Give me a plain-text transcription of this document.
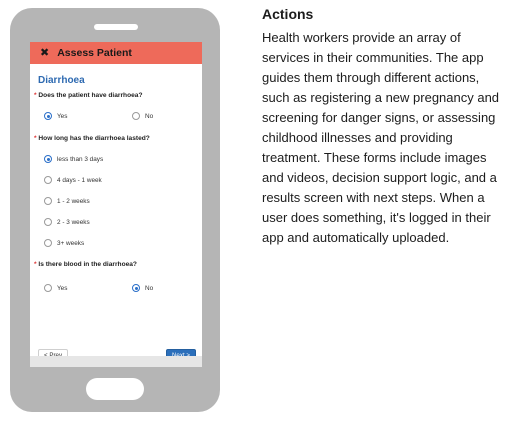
✖ Assess Patient
Diarrhoea
* Does the patient have diarrhoea?
Yes	No
* How long has the diarrhoea lasted?
less than 3 days
4 days - 1 week
1 - 2 weeks
2 - 3 weeks
3+ weeks
* Is there blood in the diarrhoea?
Yes	No
Actions
Health workers provide an array of services in their communities. The app guides them through different actions, such as registering a new pregnancy and screening for danger signs, or assessing childhood illnesses and providing treatment. These forms include images and videos, decision support logic, and a results screen with next steps. When a user does something, it's logged in their app and automatically uploaded.
